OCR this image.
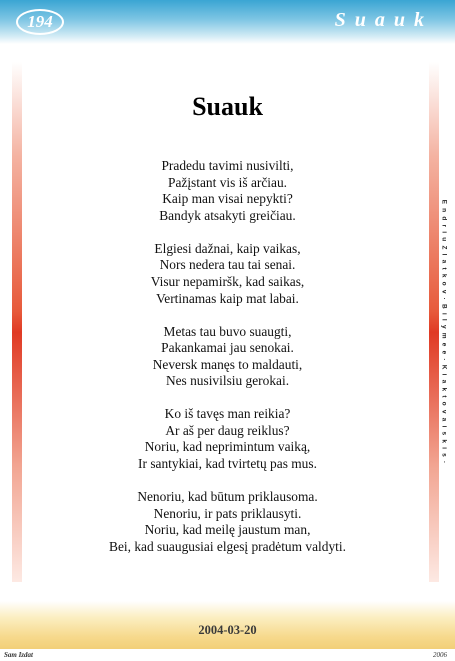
194	Suauk
E n d r i u Z l a t k o v · B i l y m e e · K i a k t o v a i s k i s ·
Suauk
Pradedu tavimi nusivilti,
Pažįstant vis iš arčiau.
Kaip man visai nepykti?
Bandyk atsakyti greičiau.
Elgiesi dažnai, kaip vaikas,
Nors nedera tau tai senai.
Visur nepamiršk, kad saikas,
Vertinamas kaip mat labai.
Metas tau buvo suaugti,
Pakankamai jau senokai.
Neversk manęs to maldauti,
Nes nusivilsiu gerokai.
Ko iš tavęs man reikia?
Ar aš per daug reiklus?
Noriu, kad neprimintum vaiką,
Ir santykiai, kad tvirtetų pas mus.
Nenoriu, kad būtum priklausoma.
Nenoriu, ir pats priklausyti.
Noriu, kad meilę jaustum man,
Bei, kad suaugusiai elgesį pradėtum valdyti.
2004-03-20
Sam Izdat	2006
